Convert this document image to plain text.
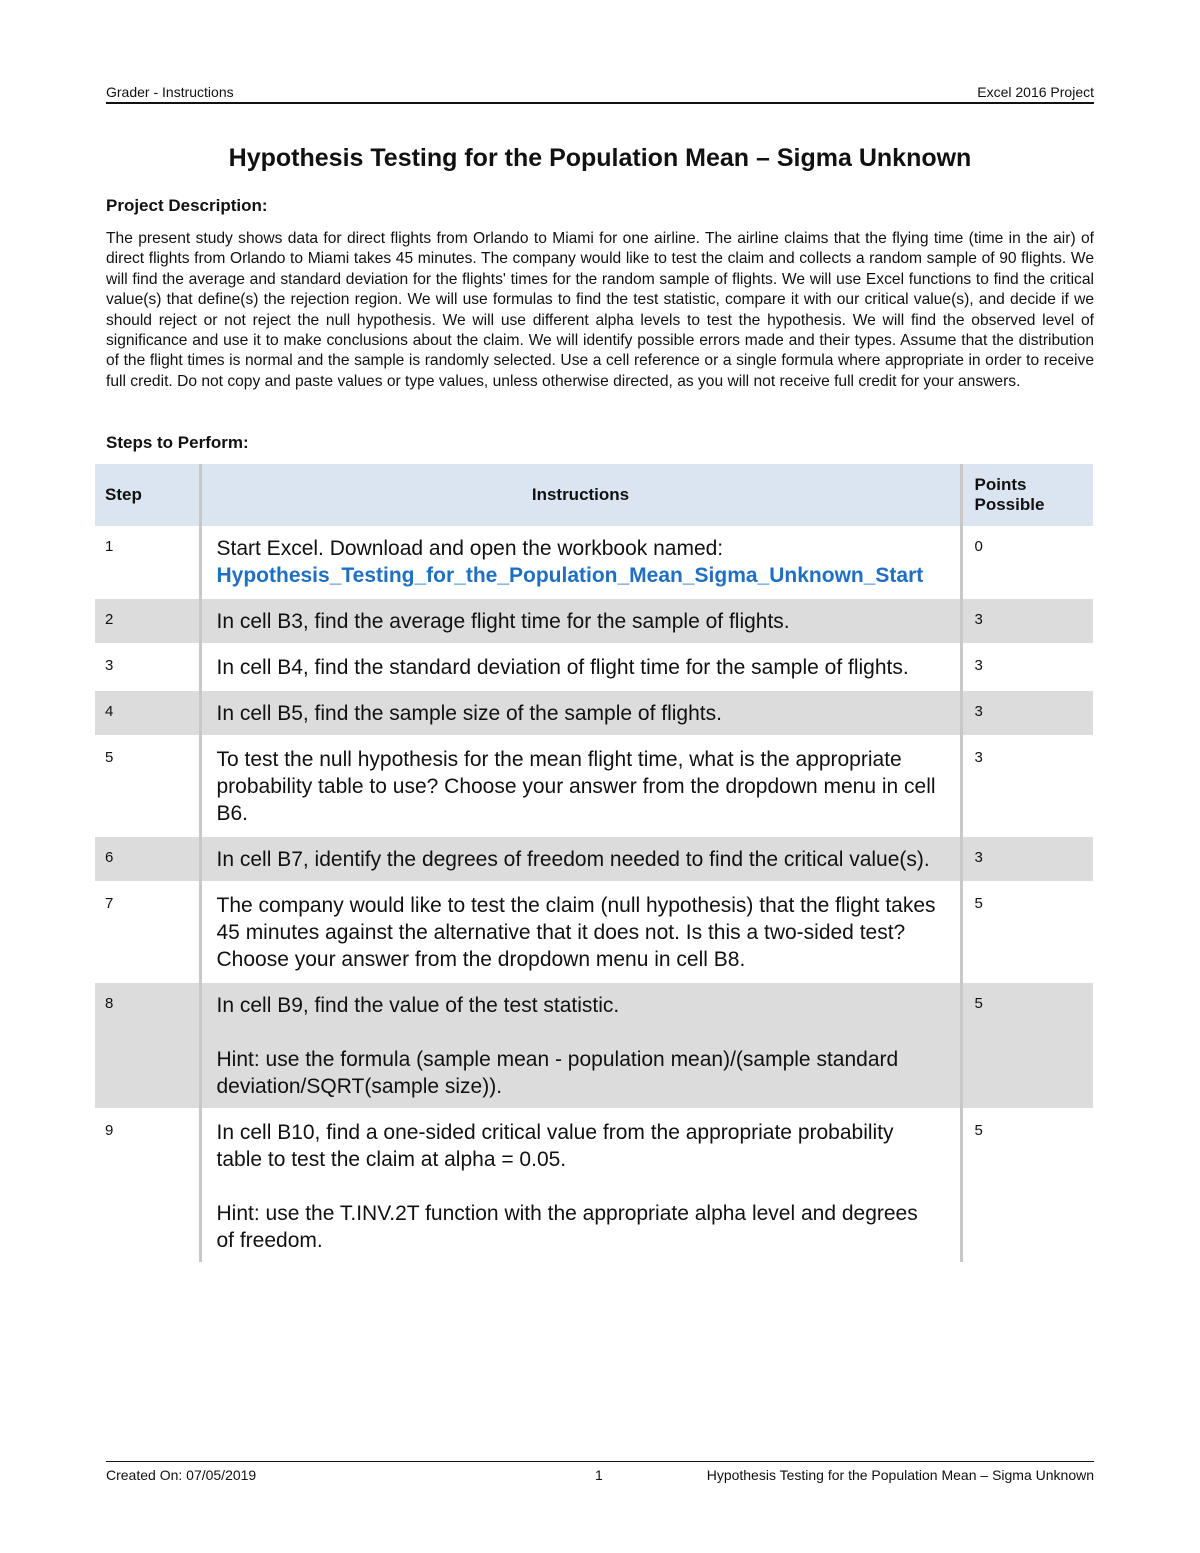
Grader - Instructions	Excel 2016 Project
Hypothesis Testing for the Population Mean – Sigma Unknown
Project Description:
The present study shows data for direct flights from Orlando to Miami for one airline. The airline claims that the flying time (time in the air) of direct flights from Orlando to Miami takes 45 minutes. The company would like to test the claim and collects a random sample of 90 flights. We will find the average and standard deviation for the flights' times for the random sample of flights. We will use Excel functions to find the critical value(s) that define(s) the rejection region. We will use formulas to find the test statistic, compare it with our critical value(s), and decide if we should reject or not reject the null hypothesis. We will use different alpha levels to test the hypothesis. We will find the observed level of significance and use it to make conclusions about the claim. We will identify possible errors made and their types. Assume that the distribution of the flight times is normal and the sample is randomly selected. Use a cell reference or a single formula where appropriate in order to receive full credit. Do not copy and paste values or type values, unless otherwise directed, as you will not receive full credit for your answers.
Steps to Perform:
Step	Instructions	Points Possible
1	Start Excel. Download and open the workbook named:
Hypothesis_Testing_for_the_Population_Mean_Sigma_Unknown_Start	0
2	In cell B3, find the average flight time for the sample of flights.	3
3	In cell B4, find the standard deviation of flight time for the sample of flights.	3
4	In cell B5, find the sample size of the sample of flights.	3
5	To test the null hypothesis for the mean flight time, what is the appropriate probability table to use? Choose your answer from the dropdown menu in cell B6.	3
6	In cell B7, identify the degrees of freedom needed to find the critical value(s).	3
7	The company would like to test the claim (null hypothesis) that the flight takes 45 minutes against the alternative that it does not. Is this a two-sided test? Choose your answer from the dropdown menu in cell B8.	5
8	In cell B9, find the value of the test statistic.
Hint: use the formula (sample mean - population mean)/(sample standard deviation/SQRT(sample size)).	5
9	In cell B10, find a one-sided critical value from the appropriate probability table to test the claim at alpha = 0.05.
Hint: use the T.INV.2T function with the appropriate alpha level and degrees of freedom.	5
Created On: 07/05/2019	1	Hypothesis Testing for the Population Mean – Sigma Unknown
